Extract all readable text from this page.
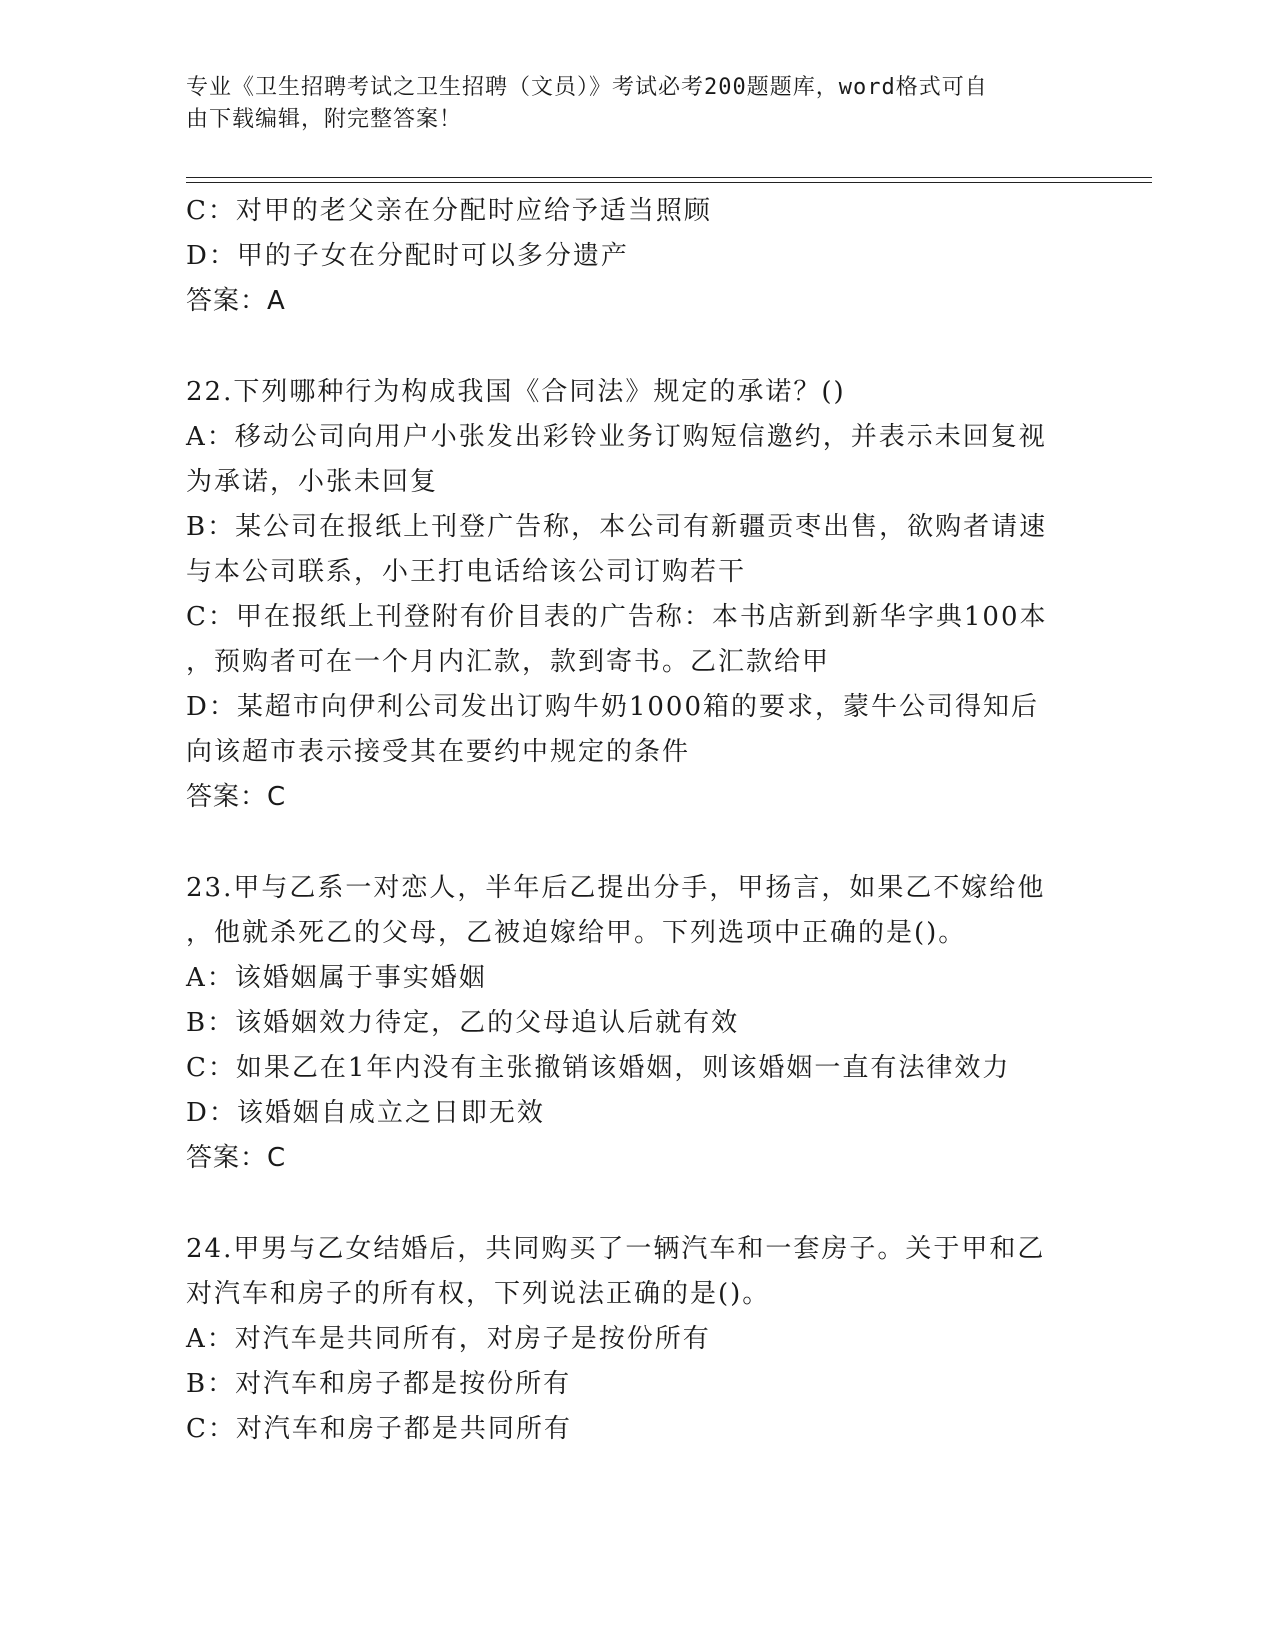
专业《卫生招聘考试之卫生招聘（文员）》考试必考200题题库，word格式可自
由下载编辑，附完整答案！
C：对甲的老父亲在分配时应给予适当照顾
D：甲的子女在分配时可以多分遗产
答案：A
22.下列哪种行为构成我国《合同法》规定的承诺？()
A：移动公司向用户小张发出彩铃业务订购短信邀约，并表示未回复视
为承诺，小张未回复
B：某公司在报纸上刊登广告称，本公司有新疆贡枣出售，欲购者请速
与本公司联系，小王打电话给该公司订购若干
C：甲在报纸上刊登附有价目表的广告称：本书店新到新华字典100本
，预购者可在一个月内汇款，款到寄书。乙汇款给甲
D：某超市向伊利公司发出订购牛奶1000箱的要求，蒙牛公司得知后
向该超市表示接受其在要约中规定的条件
答案：C
23.甲与乙系一对恋人，半年后乙提出分手，甲扬言，如果乙不嫁给他
，他就杀死乙的父母，乙被迫嫁给甲。下列选项中正确的是()。
A：该婚姻属于事实婚姻
B：该婚姻效力待定，乙的父母追认后就有效
C：如果乙在1年内没有主张撤销该婚姻，则该婚姻一直有法律效力
D：该婚姻自成立之日即无效
答案：C
24.甲男与乙女结婚后，共同购买了一辆汽车和一套房子。关于甲和乙
对汽车和房子的所有权，下列说法正确的是()。
A：对汽车是共同所有，对房子是按份所有
B：对汽车和房子都是按份所有
C：对汽车和房子都是共同所有
